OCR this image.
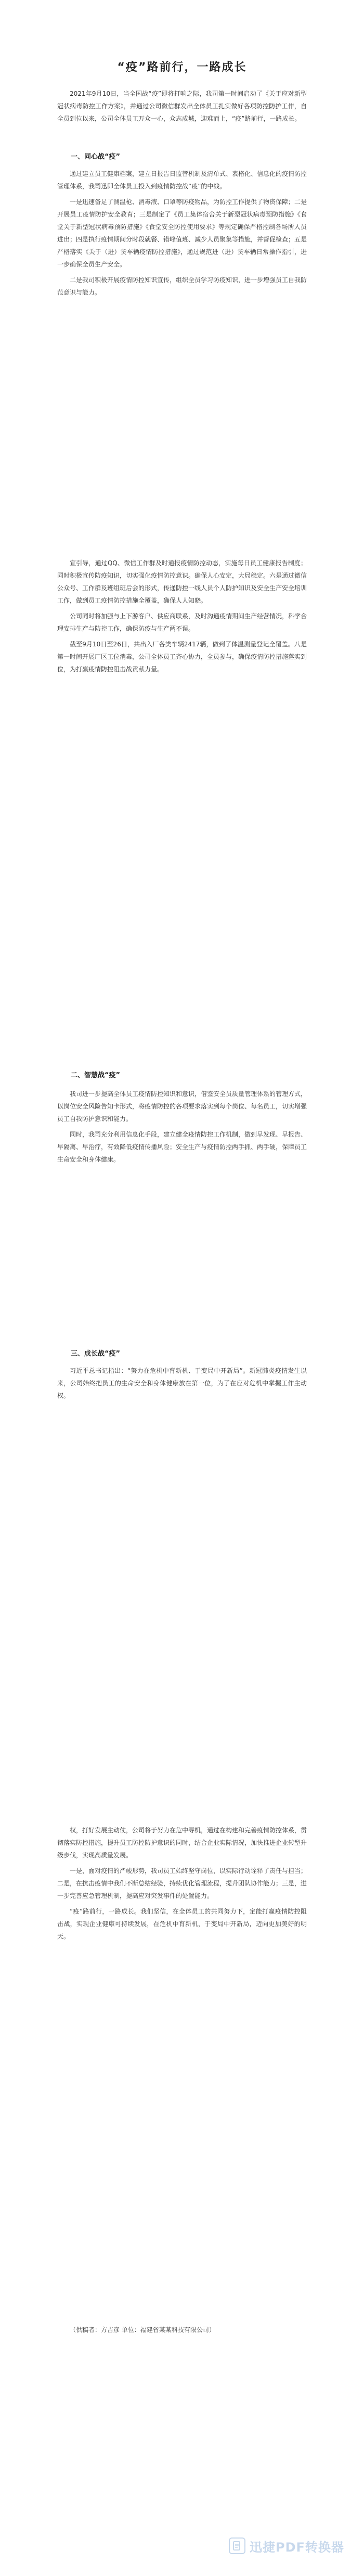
“疫”路前行，一路成长

2021年9月10日，当全国战“疫”即将打响之际，我司第一时间启动了《关于应对新型冠状病毒防控工作方案》，并通过公司微信群发出全体员工扎实做好各项防控防护工作，自全员到位以来，公司全体员工万众一心，众志成城，迎难而上，“疫”路前行，一路成长。

一、同心战“疫”

通过建立员工健康档案，建立日报告日监管机制及清单式、表格化、信息化的疫情防控管理体系，我司迅即全体员工投入到疫情防控战“疫”的中线。

一是迅速备足了测温枪、消毒液、口罩等防疫物品，为防控工作提供了物资保障；二是开展员工疫情防护安全教育；三是制定了《员工集体宿舍关于新型冠状病毒预防措施》《食堂关于新型冠状病毒预防措施》《食堂安全防控使用要求》等规定确保严格控制各场所人员进出；四是执行疫情期间分时段就餐、错峰值班、减少人员聚集等措施，并督促检查；五是严格落实《关于（进）货车辆疫情防控措施》，通过规范进（进）货车辆日常操作指引，进一步确保全员生产安全。

二是我司积极开展疫情防控知识宣传，组织全员学习防疫知识，进一步增强员工自我防范意识与能力。

宣引导，通过QQ、微信工作群及时通报疫情防控动态，实施每日员工健康报告制度；同时积极宣传防疫知识，切实强化疫情防控意识。确保人心安定，大局稳定。六是通过微信公众号、工作群及班组班后会的形式，传递防控一线人员个人防护知识及安全生产安全培训工作，做到员工疫情防控措施全覆盖，确保人人知晓。

公司同时将加强与上下游客户、供应商联系，及时沟通疫情期间生产经营情况，科学合理安排生产与防控工作，确保防疫与生产两不误。

截至9月10日至26日，共出入厂各类车辆2417辆，做到了体温测量登记全覆盖。八是第一时间开展厂区工位消毒，公司全体员工齐心协力，全员参与，确保疫情防控措施落实到位，为打赢疫情防控阻击战贡献力量。

二、智慧战“疫”

我司进一步提高全体员工疫情防控知识和意识，借鉴安全员质量管理体系的管理方式，以岗位安全风险告知卡形式，将疫情防控的各项要求落实到每个岗位、每名员工，切实增强员工自我防护意识和能力。

同时，我司充分利用信息化手段，建立健全疫情防控工作机制，做到早发现、早报告、早隔离、早治疗，有效降低疫情传播风险；安全生产与疫情防控两手抓、两手硬，保障员工生命安全和身体健康。

三、成长战“疫”

习近平总书记指出：“努力在危机中育新机、于变局中开新局”。新冠肺炎疫情发生以来，公司始终把员工的生命安全和身体健康放在第一位，为了在应对危机中掌握工作主动权。

权，打好发展主动仗，公司将于努力在危中寻机，通过在构建和完善疫情防控体系，贯彻落实防控措施，提升员工防控防护意识的同时，结合企业实际情况，加快推进企业转型升级步伐，实现高质量发展。

一是，面对疫情的严峻形势，我司员工始终坚守岗位，以实际行动诠释了责任与担当；二是，在抗击疫情中我们不断总结经验，持续优化管理流程，提升团队协作能力；三是，进一步完善应急管理机制，提高应对突发事件的处置能力。

“疫”路前行，一路成长。我们坚信，在全体员工的共同努力下，定能打赢疫情防控阻击战，实现企业健康可持续发展，在危机中育新机，于变局中开新局，迈向更加美好的明天。

（供稿者：方吉彦 单位：福建省某某科技有限公司）
迅捷PDF转换器
